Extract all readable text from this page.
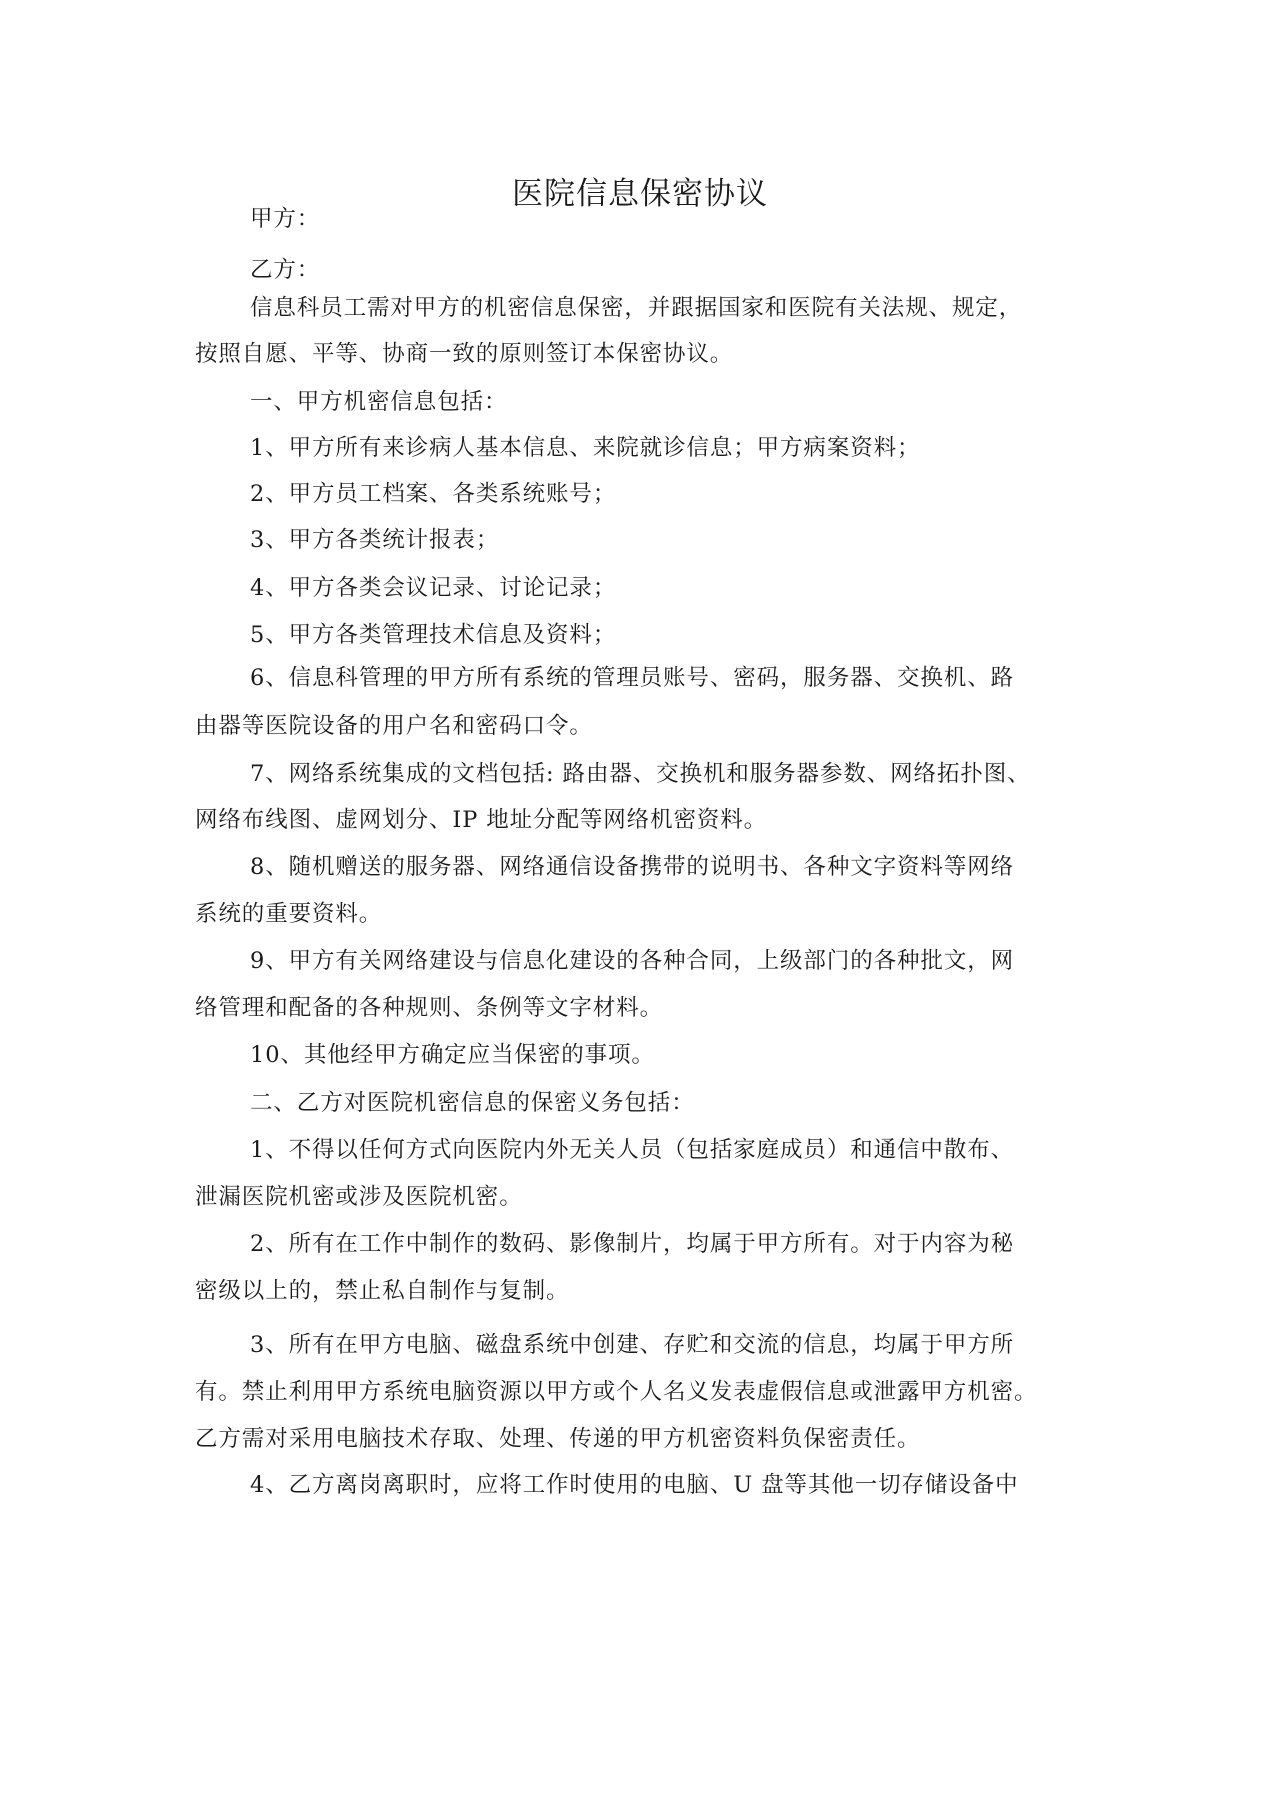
医院信息保密协议
甲方：
乙方：
信息科员工需对甲方的机密信息保密，并跟据国家和医院有关法规、规定，
按照自愿、平等、协商一致的原则签订本保密协议。
一、甲方机密信息包括：
1、甲方所有来诊病人基本信息、来院就诊信息；甲方病案资料；
2、甲方员工档案、各类系统账号；
3、甲方各类统计报表；
4、甲方各类会议记录、讨论记录；
5、甲方各类管理技术信息及资料；
6、信息科管理的甲方所有系统的管理员账号、密码，服务器、交换机、路
由器等医院设备的用户名和密码口令。
7、网络系统集成的文档包括: 路由器、交换机和服务器参数、网络拓扑图、
网络布线图、虚网划分、IP 地址分配等网络机密资料。
8、随机赠送的服务器、网络通信设备携带的说明书、各种文字资料等网络
系统的重要资料。
9、甲方有关网络建设与信息化建设的各种合同，上级部门的各种批文，网
络管理和配备的各种规则、条例等文字材料。
10、其他经甲方确定应当保密的事项。
二、乙方对医院机密信息的保密义务包括：
1、不得以任何方式向医院内外无关人员（包括家庭成员）和通信中散布、
泄漏医院机密或涉及医院机密。
2、所有在工作中制作的数码、影像制片，均属于甲方所有。对于内容为秘
密级以上的，禁止私自制作与复制。
3、所有在甲方电脑、磁盘系统中创建、存贮和交流的信息，均属于甲方所
有。禁止利用甲方系统电脑资源以甲方或个人名义发表虚假信息或泄露甲方机密。
乙方需对采用电脑技术存取、处理、传递的甲方机密资料负保密责任。
4、乙方离岗离职时，应将工作时使用的电脑、U 盘等其他一切存储设备中
